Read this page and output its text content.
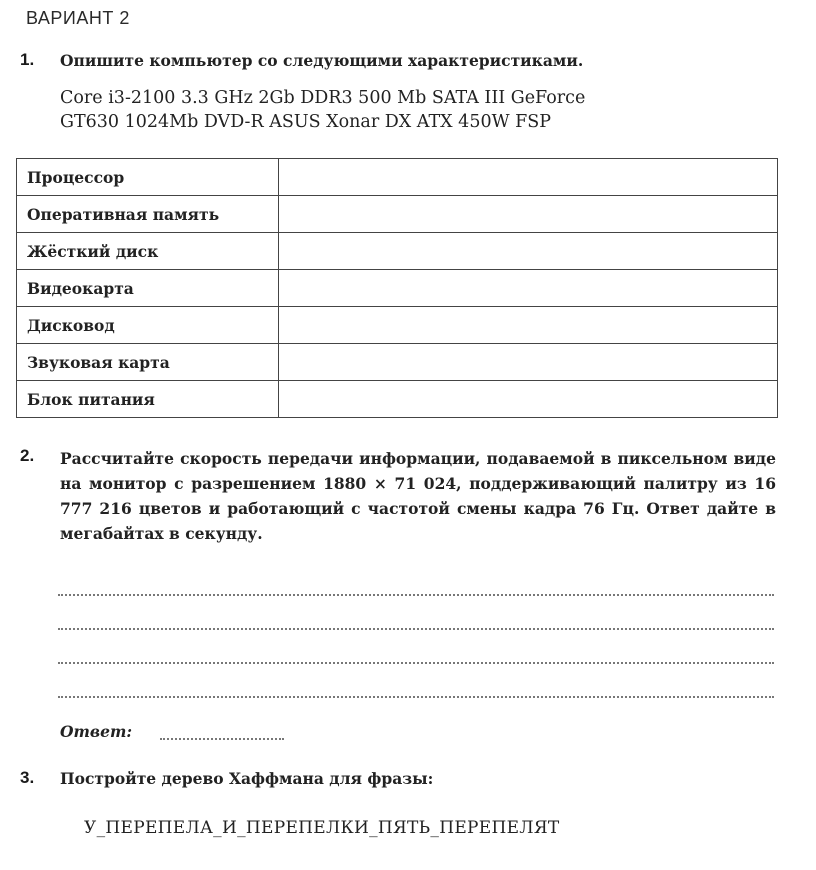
ВАРИАНТ 2
1. Опишите компьютер со следующими характеристиками.
Core i3-2100 3.3 GHz 2Gb DDR3 500 Mb SATA III GeForce
GT630 1024Mb DVD-R ASUS Xonar DX ATX 450W FSP
Процессор	
Оперативная память	
Жёсткий диск	
Видеокарта	
Дисковод	
Звуковая карта	
Блок питания	
2. Рассчитайте скорость передачи информации, подаваемой в пиксельном виде на монитор с разрешением 1880 × 71 024, поддерживающий палитру из 16 777 216 цветов и работающий с частотой смены кадра 76 Гц. Ответ дайте в мегабайтах в секунду.
Ответ:
3. Постройте дерево Хаффмана для фразы:
У_ПЕРЕПЕЛА_И_ПЕРЕПЕЛКИ_ПЯТЬ_ПЕРЕПЕЛЯТ
